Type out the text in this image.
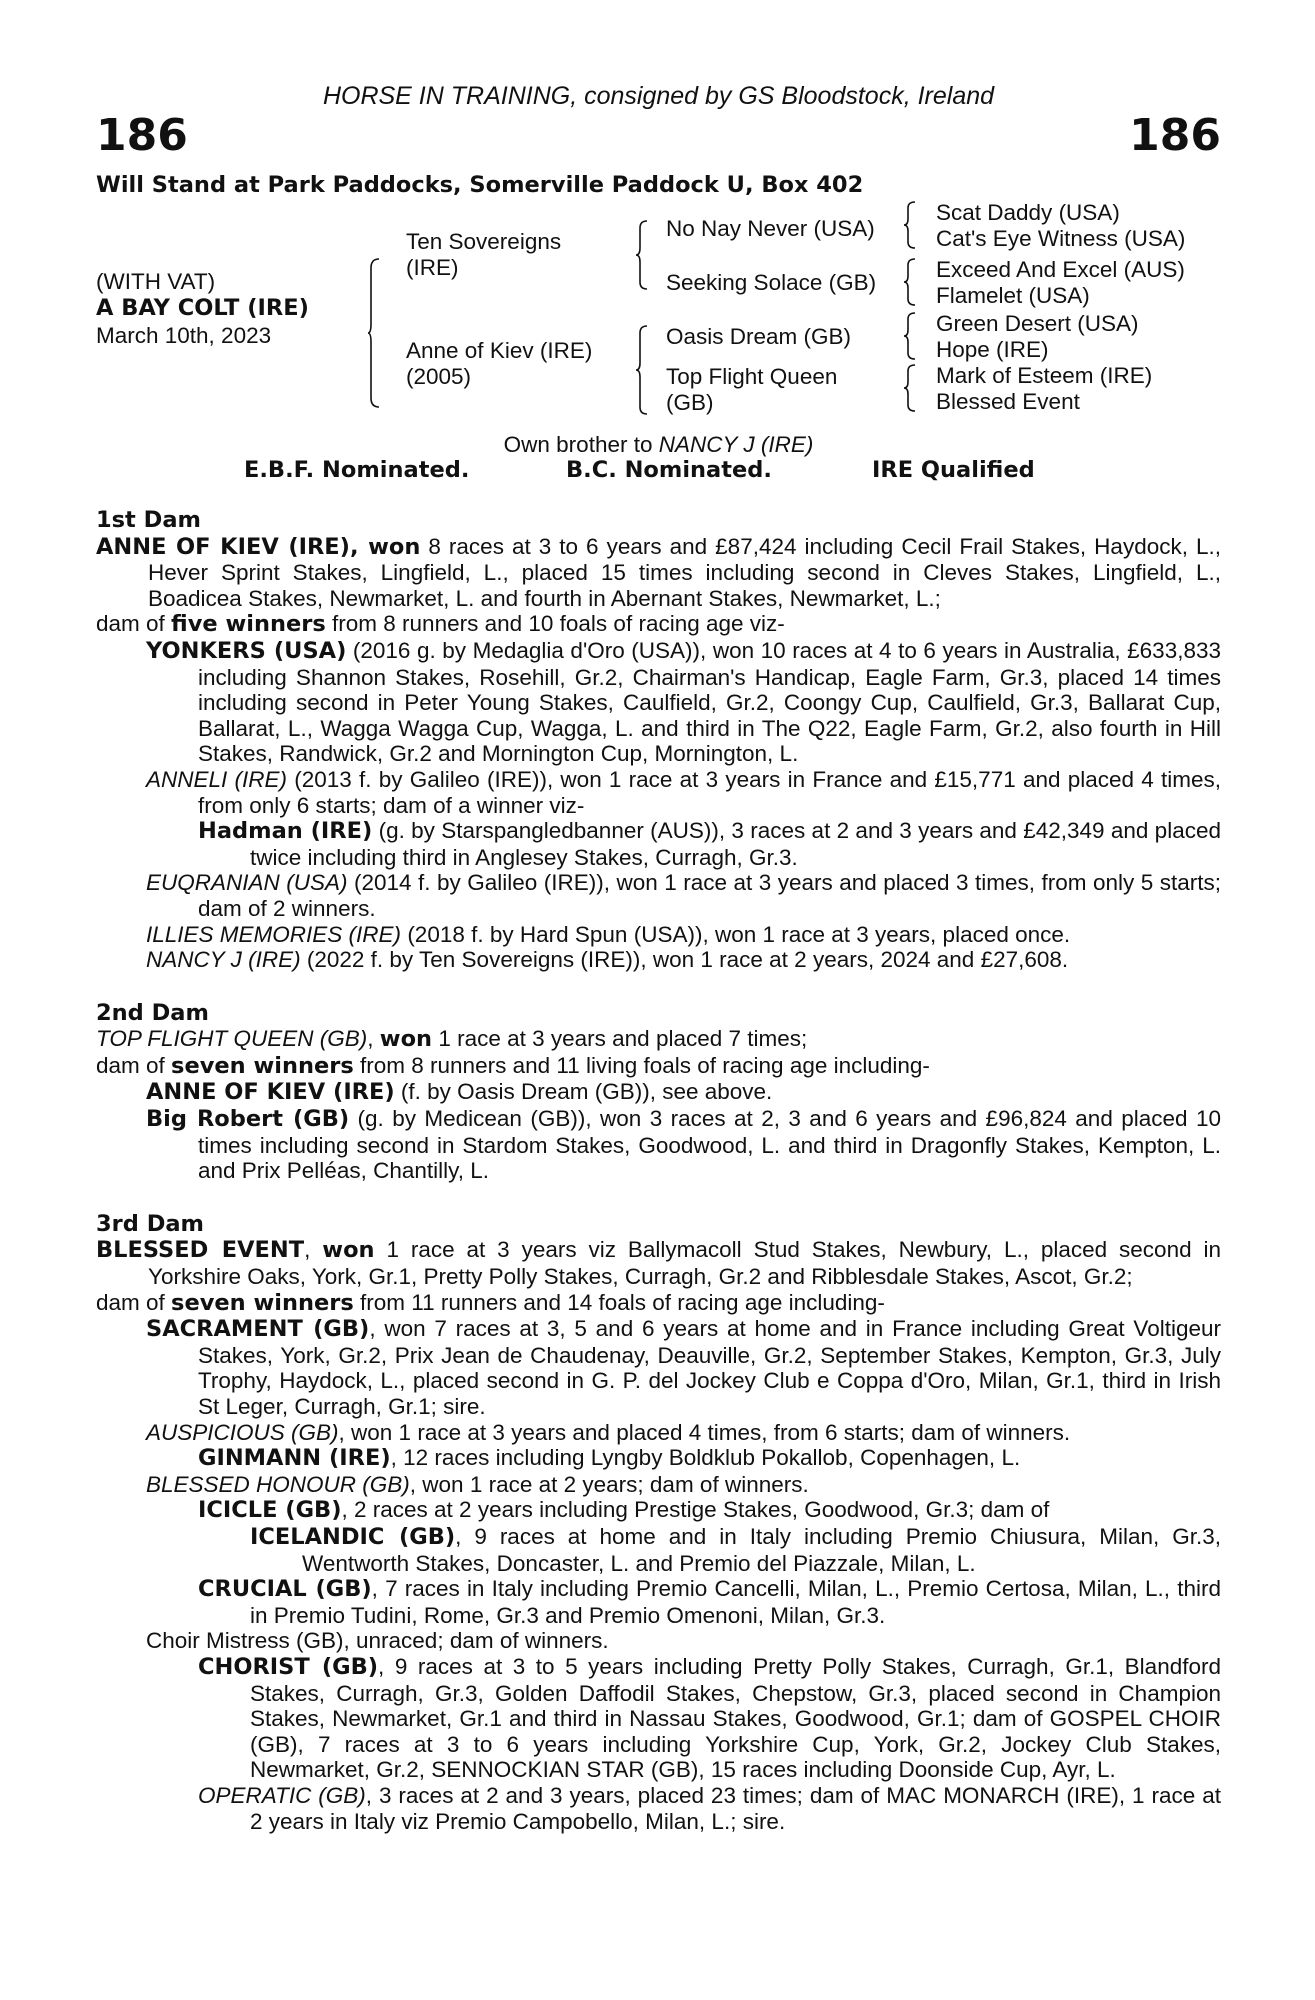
HORSE IN TRAINING, consigned by GS Bloodstock, Ireland
186	186
Will Stand at Park Paddocks, Somerville Paddock U, Box 402
(WITH VAT)
A BAY COLT (IRE)
March 10th, 2023
Ten Sovereigns
(IRE)
Anne of Kiev (IRE)
(2005)
No Nay Never (USA)
Seeking Solace (GB)
Oasis Dream (GB)
Top Flight Queen
(GB)
Scat Daddy (USA)
Cat's Eye Witness (USA)
Exceed And Excel (AUS)
Flamelet (USA)
Green Desert (USA)
Hope (IRE)
Mark of Esteem (IRE)
Blessed Event
Own brother to NANCY J (IRE)
E.B.F. Nominated.	B.C. Nominated.	IRE Qualified
1st Dam
ANNE OF KIEV (IRE), won 8 races at 3 to 6 years and £87,424 including Cecil Frail Stakes, Haydock, L., Hever Sprint Stakes, Lingfield, L., placed 15 times including second in Cleves Stakes, Lingfield, L., Boadicea Stakes, Newmarket, L. and fourth in Abernant Stakes, Newmarket, L.;
dam of five winners from 8 runners and 10 foals of racing age viz-
YONKERS (USA) (2016 g. by Medaglia d'Oro (USA)), won 10 races at 4 to 6 years in Australia, £633,833 including Shannon Stakes, Rosehill, Gr.2, Chairman's Handicap, Eagle Farm, Gr.3, placed 14 times including second in Peter Young Stakes, Caulfield, Gr.2, Coongy Cup, Caulfield, Gr.3, Ballarat Cup, Ballarat, L., Wagga Wagga Cup, Wagga, L. and third in The Q22, Eagle Farm, Gr.2, also fourth in Hill Stakes, Randwick, Gr.2 and Mornington Cup, Mornington, L.
ANNELI (IRE) (2013 f. by Galileo (IRE)), won 1 race at 3 years in France and £15,771 and placed 4 times, from only 6 starts; dam of a winner viz-
Hadman (IRE) (g. by Starspangledbanner (AUS)), 3 races at 2 and 3 years and £42,349 and placed twice including third in Anglesey Stakes, Curragh, Gr.3.
EUQRANIAN (USA) (2014 f. by Galileo (IRE)), won 1 race at 3 years and placed 3 times, from only 5 starts; dam of 2 winners.
ILLIES MEMORIES (IRE) (2018 f. by Hard Spun (USA)), won 1 race at 3 years, placed once.
NANCY J (IRE) (2022 f. by Ten Sovereigns (IRE)), won 1 race at 2 years, 2024 and £27,608.
2nd Dam
TOP FLIGHT QUEEN (GB), won 1 race at 3 years and placed 7 times;
dam of seven winners from 8 runners and 11 living foals of racing age including-
ANNE OF KIEV (IRE) (f. by Oasis Dream (GB)), see above.
Big Robert (GB) (g. by Medicean (GB)), won 3 races at 2, 3 and 6 years and £96,824 and placed 10 times including second in Stardom Stakes, Goodwood, L. and third in Dragonfly Stakes, Kempton, L. and Prix Pelléas, Chantilly, L.
3rd Dam
BLESSED EVENT, won 1 race at 3 years viz Ballymacoll Stud Stakes, Newbury, L., placed second in Yorkshire Oaks, York, Gr.1, Pretty Polly Stakes, Curragh, Gr.2 and Ribblesdale Stakes, Ascot, Gr.2;
dam of seven winners from 11 runners and 14 foals of racing age including-
SACRAMENT (GB), won 7 races at 3, 5 and 6 years at home and in France including Great Voltigeur Stakes, York, Gr.2, Prix Jean de Chaudenay, Deauville, Gr.2, September Stakes, Kempton, Gr.3, July Trophy, Haydock, L., placed second in G. P. del Jockey Club e Coppa d'Oro, Milan, Gr.1, third in Irish St Leger, Curragh, Gr.1; sire.
AUSPICIOUS (GB), won 1 race at 3 years and placed 4 times, from 6 starts; dam of winners.
GINMANN (IRE), 12 races including Lyngby Boldklub Pokallob, Copenhagen, L.
BLESSED HONOUR (GB), won 1 race at 2 years; dam of winners.
ICICLE (GB), 2 races at 2 years including Prestige Stakes, Goodwood, Gr.3; dam of
ICELANDIC (GB), 9 races at home and in Italy including Premio Chiusura, Milan, Gr.3, Wentworth Stakes, Doncaster, L. and Premio del Piazzale, Milan, L.
CRUCIAL (GB), 7 races in Italy including Premio Cancelli, Milan, L., Premio Certosa, Milan, L., third in Premio Tudini, Rome, Gr.3 and Premio Omenoni, Milan, Gr.3.
Choir Mistress (GB), unraced; dam of winners.
CHORIST (GB), 9 races at 3 to 5 years including Pretty Polly Stakes, Curragh, Gr.1, Blandford Stakes, Curragh, Gr.3, Golden Daffodil Stakes, Chepstow, Gr.3, placed second in Champion Stakes, Newmarket, Gr.1 and third in Nassau Stakes, Goodwood, Gr.1; dam of GOSPEL CHOIR (GB), 7 races at 3 to 6 years including Yorkshire Cup, York, Gr.2, Jockey Club Stakes, Newmarket, Gr.2, SENNOCKIAN STAR (GB), 15 races including Doonside Cup, Ayr, L.
OPERATIC (GB), 3 races at 2 and 3 years, placed 23 times; dam of MAC MONARCH (IRE), 1 race at 2 years in Italy viz Premio Campobello, Milan, L.; sire.
